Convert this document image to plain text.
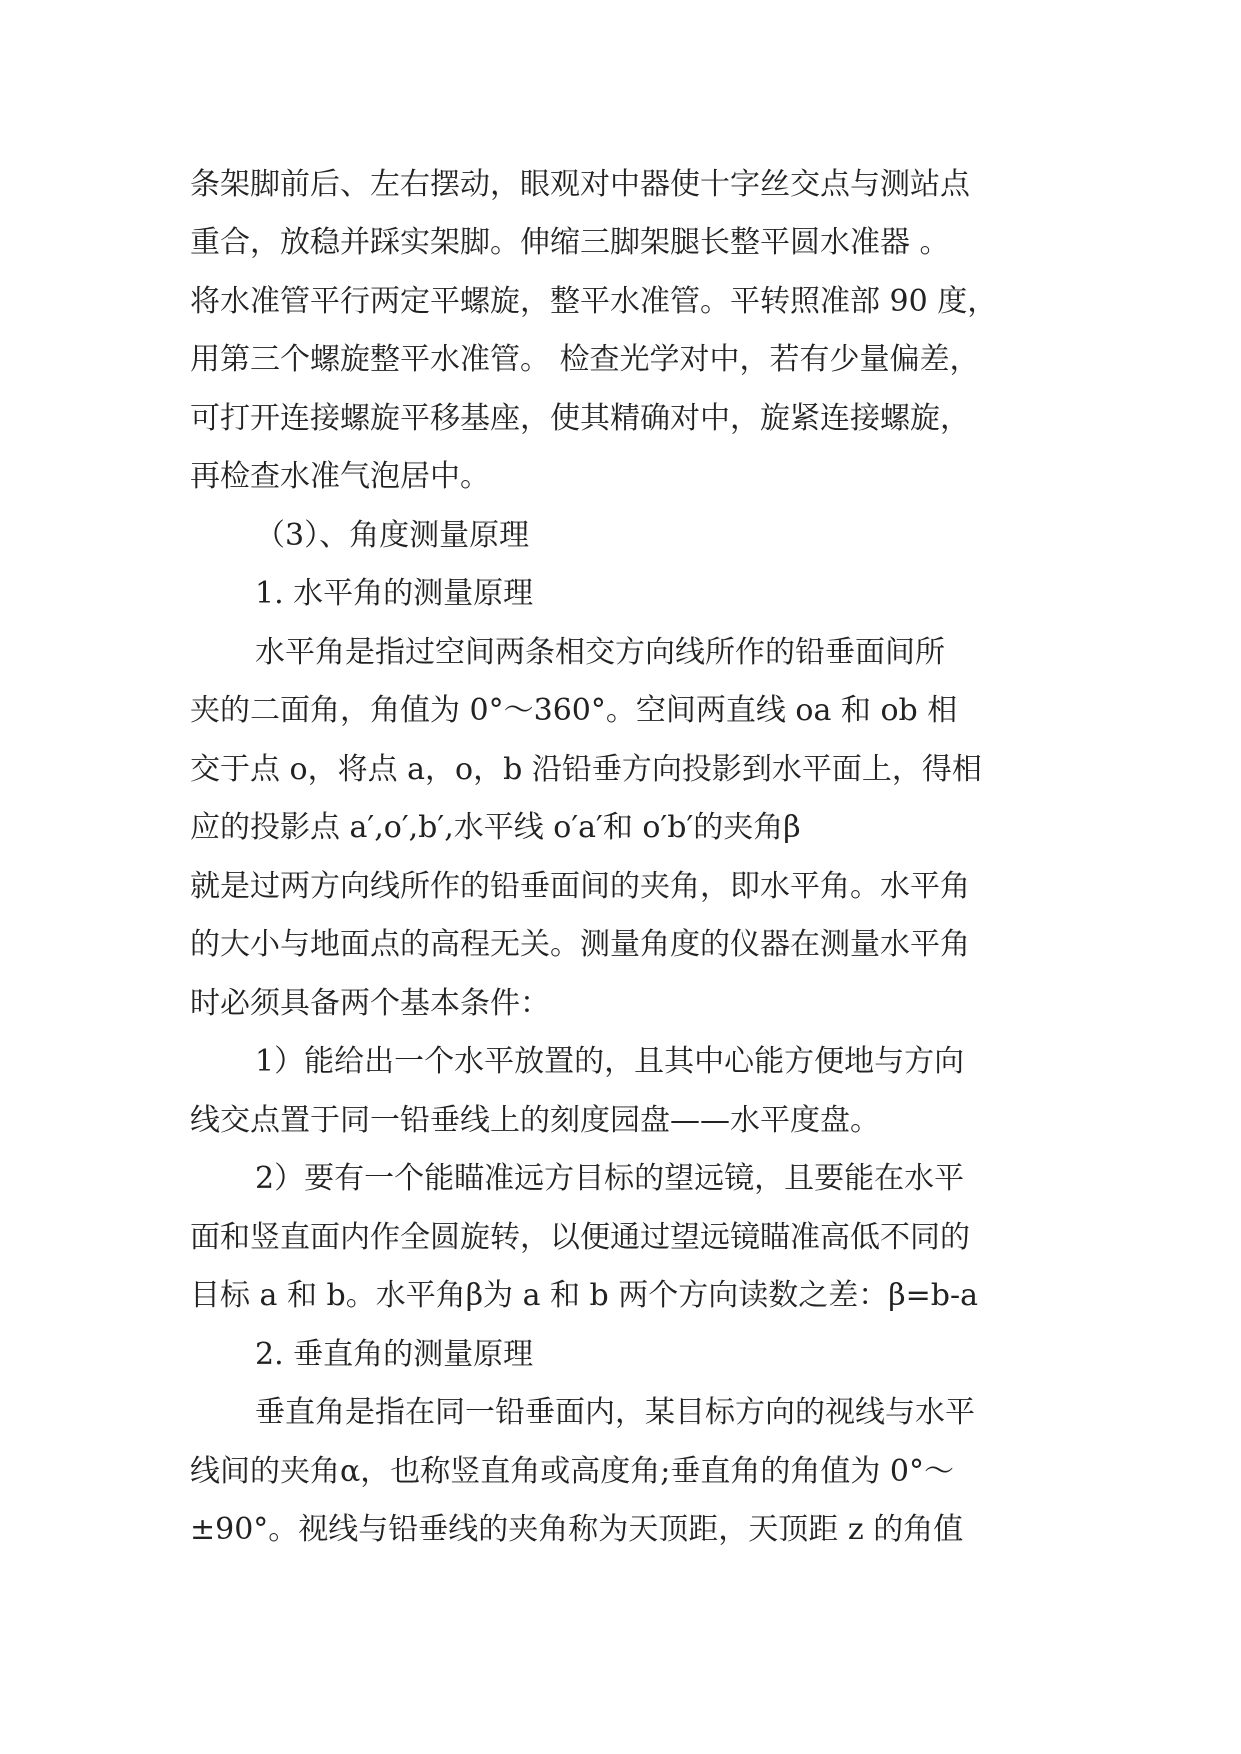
条架脚前后、左右摆动，眼观对中器使十字丝交点与测站点
重合，放稳并踩实架脚。伸缩三脚架腿长整平圆水准器 。
将水准管平行两定平螺旋，整平水准管。平转照准部 90 度，
用第三个螺旋整平水准管。 检查光学对中，若有少量偏差，
可打开连接螺旋平移基座，使其精确对中，旋紧连接螺旋，
再检查水准气泡居中。
（3）、角度测量原理
1. 水平角的测量原理
水平角是指过空间两条相交方向线所作的铅垂面间所
夹的二面角，角值为 0°～360°。空间两直线 oa 和 ob 相
交于点 o，将点 a，o，b 沿铅垂方向投影到水平面上，得相
应的投影点 a′,o′,b′,水平线 o′a′和 o′b′的夹角β
就是过两方向线所作的铅垂面间的夹角，即水平角。水平角
的大小与地面点的高程无关。测量角度的仪器在测量水平角
时必须具备两个基本条件：
1）能给出一个水平放置的，且其中心能方便地与方向
线交点置于同一铅垂线上的刻度园盘——水平度盘。
2）要有一个能瞄准远方目标的望远镜，且要能在水平
面和竖直面内作全圆旋转，以便通过望远镜瞄准高低不同的
目标 a 和 b。水平角β为 a 和 b 两个方向读数之差：β=b-a
2. 垂直角的测量原理
垂直角是指在同一铅垂面内，某目标方向的视线与水平
线间的夹角α，也称竖直角或高度角;垂直角的角值为 0°～
±90°。视线与铅垂线的夹角称为天顶距，天顶距 z 的角值
